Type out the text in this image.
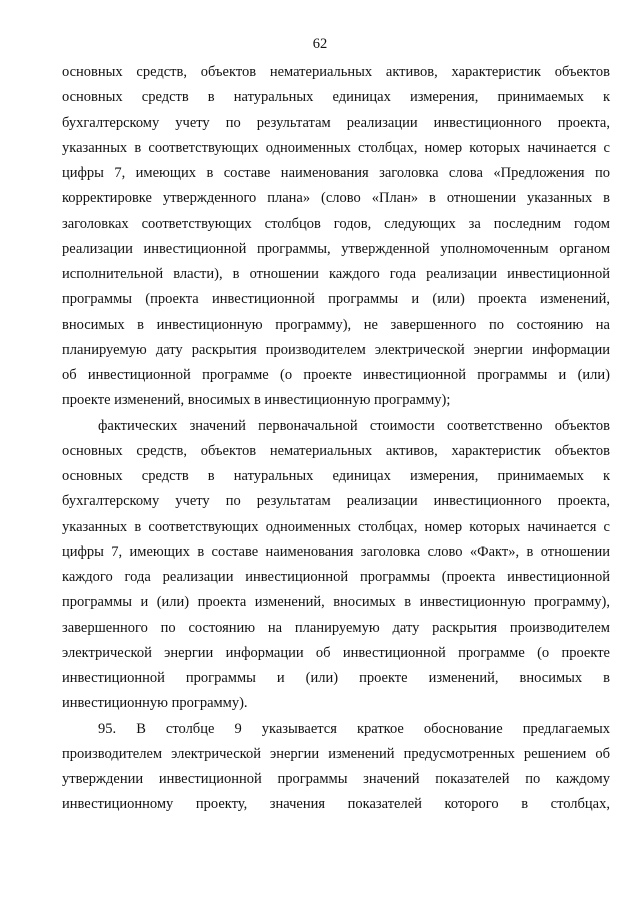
62
основных средств, объектов нематериальных активов, характеристик объектов
основных средств в натуральных единицах измерения, принимаемых к
бухгалтерскому учету по результатам реализации инвестиционного проекта,
указанных в соответствующих одноименных столбцах, номер которых начинается с
цифры 7, имеющих в составе наименования заголовка слова «Предложения по
корректировке утвержденного плана» (слово «План» в отношении указанных в
заголовках соответствующих столбцов годов, следующих за последним годом
реализации инвестиционной программы, утвержденной уполномоченным органом
исполнительной власти), в отношении каждого года реализации инвестиционной
программы (проекта инвестиционной программы и (или) проекта изменений,
вносимых в инвестиционную программу), не завершенного по состоянию на
планируемую дату раскрытия производителем электрической энергии информации
об инвестиционной программе (о проекте инвестиционной программы и (или)
проекте изменений, вносимых в инвестиционную программу);
фактических значений первоначальной стоимости соответственно объектов
основных средств, объектов нематериальных активов, характеристик объектов
основных средств в натуральных единицах измерения, принимаемых к
бухгалтерскому учету по результатам реализации инвестиционного проекта,
указанных в соответствующих одноименных столбцах, номер которых начинается с
цифры 7, имеющих в составе наименования заголовка слово «Факт», в отношении
каждого года реализации инвестиционной программы (проекта инвестиционной
программы и (или) проекта изменений, вносимых в инвестиционную программу),
завершенного по состоянию на планируемую дату раскрытия производителем
электрической энергии информации об инвестиционной программе (о проекте
инвестиционной программы и (или) проекте изменений, вносимых в
инвестиционную программу).
95. В столбце 9 указывается краткое обоснование предлагаемых
производителем электрической энергии изменений предусмотренных решением об
утверждении инвестиционной программы значений показателей по каждому
инвестиционному проекту, значения показателей которого в столбцах,
